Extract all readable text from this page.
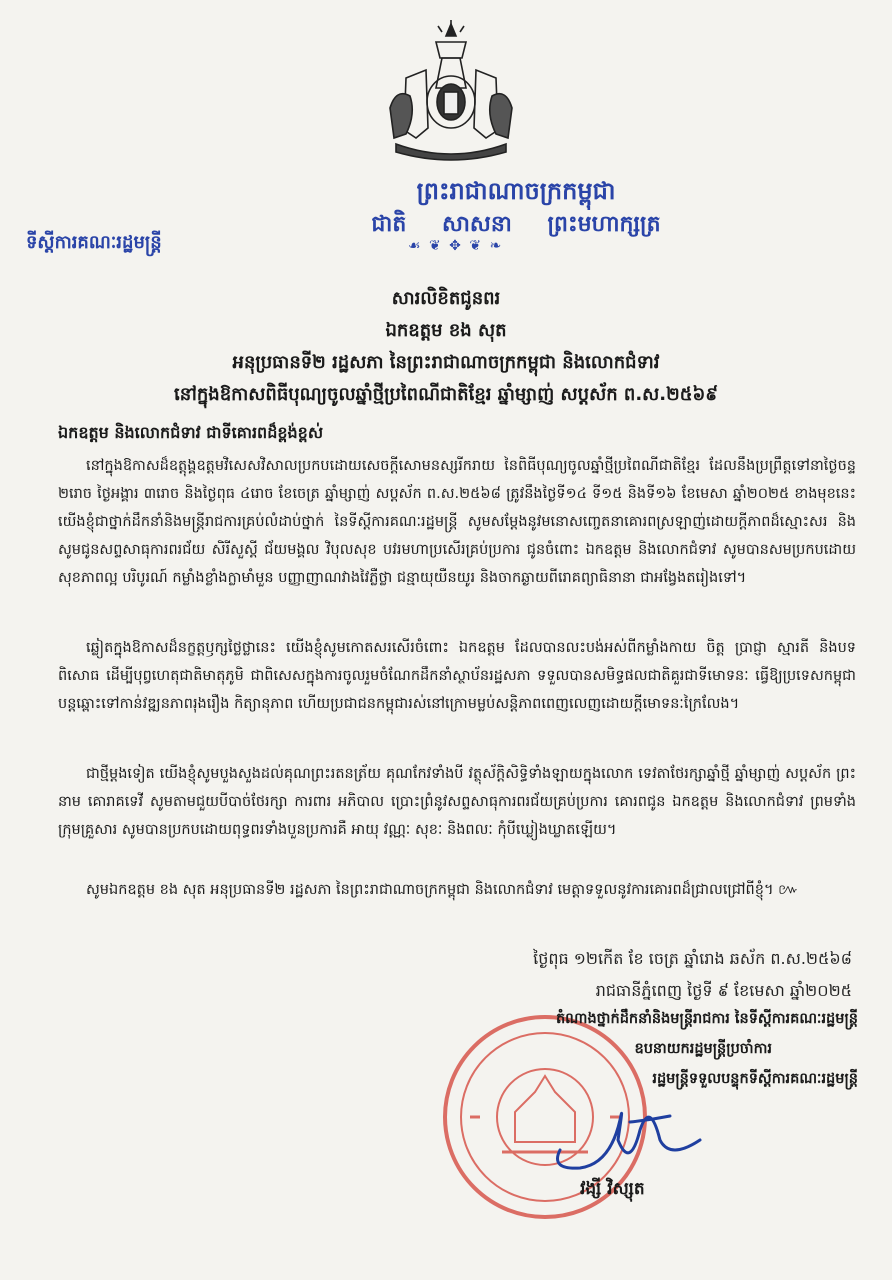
ព្រះរាជាណាចក្រកម្ពុជា
ជាតិ សាសនា ព្រះមហាក្សត្រ
☙ ❦ ✥ ❦ ❧
ទីស្តីការគណៈរដ្ឋមន្ត្រី
សារលិខិតជូនពរ
ឯកឧត្តម ខង សុត
អនុប្រធានទី២ រដ្ឋសភា នៃព្រះរាជាណាចក្រកម្ពុជា និងលោកជំទាវ
នៅក្នុងឱកាសពិធីបុណ្យចូលឆ្នាំថ្មីប្រពៃណីជាតិខ្មែរ ឆ្នាំម្សាញ់ សប្តស័ក ព.ស.២៥៦៩
ឯកឧត្តម និងលោកជំទាវ ជាទីគោរពដ៏ខ្ពង់ខ្ពស់
នៅក្នុងឱកាសដ៏ឧត្តុង្គឧត្តមវិសេសវិសាលប្រកបដោយសេចក្តីសោមនស្សរីករាយ នៃពិធីបុណ្យចូលឆ្នាំថ្មីប្រពៃណីជាតិខ្មែរ ដែលនឹងប្រព្រឹត្តទៅនាថ្ងៃចន្ទ ២រោច ថ្ងៃអង្គារ ៣រោច និងថ្ងៃពុធ ៤រោច ខែចេត្រ ឆ្នាំម្សាញ់ សប្តស័ក ព.ស.២៥៦៨ ត្រូវនឹងថ្ងៃទី១៤ ទី១៥ និងទី១៦ ខែមេសា ឆ្នាំ២០២៥ ខាងមុខនេះ យើងខ្ញុំជាថ្នាក់ដឹកនាំនិងមន្ត្រីរាជការគ្រប់លំដាប់ថ្នាក់ នៃទីស្តីការគណៈរដ្ឋមន្ត្រី សូមសម្តែងនូវមនោសញ្ចេតនាគោរពស្រឡាញ់ដោយក្តីភាពដ៏ស្មោះសរ និងសូមជូនសព្ទសាធុការពរជ័យ សិរីសួស្តី ជ័យមង្គល វិបុលសុខ បវរមហាប្រសើរគ្រប់ប្រការ ជូនចំពោះ ឯកឧត្តម និងលោកជំទាវ សូមបានសមប្រកបដោយសុខភាពល្អ បរិបូរណ៍ កម្លាំងខ្លាំងក្លាមាំមួន បញ្ញាញាណវាងវៃភ្លឺថ្លា ជន្មាយុយឺនយូរ និងចាកឆ្ងាយពីរោគព្យាធិនានា ជាអង្វែងតរៀងទៅ។
ឆ្លៀតក្នុងឱកាសដ៏នក្ខត្តឫក្សថ្លៃថ្លានេះ យើងខ្ញុំសូមកោតសរសើរចំពោះ ឯកឧត្តម ដែលបានលះបង់អស់ពីកម្លាំងកាយ ចិត្ត ប្រាជ្ញា ស្មារតី និងបទពិសោធ ដើម្បីបុព្វហេតុជាតិមាតុភូមិ ជាពិសេសក្នុងការចូលរួមចំណែកដឹកនាំស្ថាប័នរដ្ឋសភា ទទួលបានសមិទ្ធផលជាតិគួរជាទីមោទនៈ ធ្វើឱ្យប្រទេសកម្ពុជាបន្តឆ្ពោះទៅកាន់វឌ្ឍនភាពរុងរឿង កិត្យានុភាព ហើយប្រជាជនកម្ពុជារស់នៅក្រោមម្លប់សន្តិភាពពេញលេញដោយក្តីមោទនៈក្រៃលែង។
ជាថ្មីម្តងទៀត យើងខ្ញុំសូមបួងសួងដល់គុណព្រះរតនត្រ័យ គុណកែវទាំងបី វត្ថុស័ក្តិសិទ្ធិទាំងឡាយក្នុងលោក ទេវតាថែរក្សាឆ្នាំថ្មី ឆ្នាំម្សាញ់ សប្តស័ក ព្រះនាម គោរាគទេវី សូមតាមជួយបីបាច់ថែរក្សា ការពារ អភិបាល ប្រោះព្រំនូវសព្ទសាធុការពរជ័យគ្រប់ប្រការ គោរពជូន ឯកឧត្តម និងលោកជំទាវ ព្រមទាំងក្រុមគ្រួសារ សូមបានប្រកបដោយពុទ្ធពរទាំងបួនប្រការគឺ អាយុ វណ្ណៈ សុខៈ និងពលៈ កុំបីឃ្លៀងឃ្លាតឡើយ។
សូមឯកឧត្តម ខង សុត អនុប្រធានទី២ រដ្ឋសភា នៃព្រះរាជាណាចក្រកម្ពុជា និងលោកជំទាវ មេត្តាទទួលនូវការគោរពដ៏ជ្រាលជ្រៅពីខ្ញុំ។ ៚
ថ្ងៃពុធ ១២កើត ខែ ចេត្រ ឆ្នាំរោង ឆស័ក ព.ស.២៥៦៨
រាជធានីភ្នំពេញ ថ្ងៃទី ៩ ខែមេសា ឆ្នាំ២០២៥
តំណាងថ្នាក់ដឹកនាំនិងមន្ត្រីរាជការ នៃទីស្តីការគណៈរដ្ឋមន្ត្រី
ឧបនាយករដ្ឋមន្ត្រីប្រចាំការ
រដ្ឋមន្ត្រីទទួលបន្ទុកទីស្តីការគណៈរដ្ឋមន្ត្រី
វង្សី វិស្សុត
